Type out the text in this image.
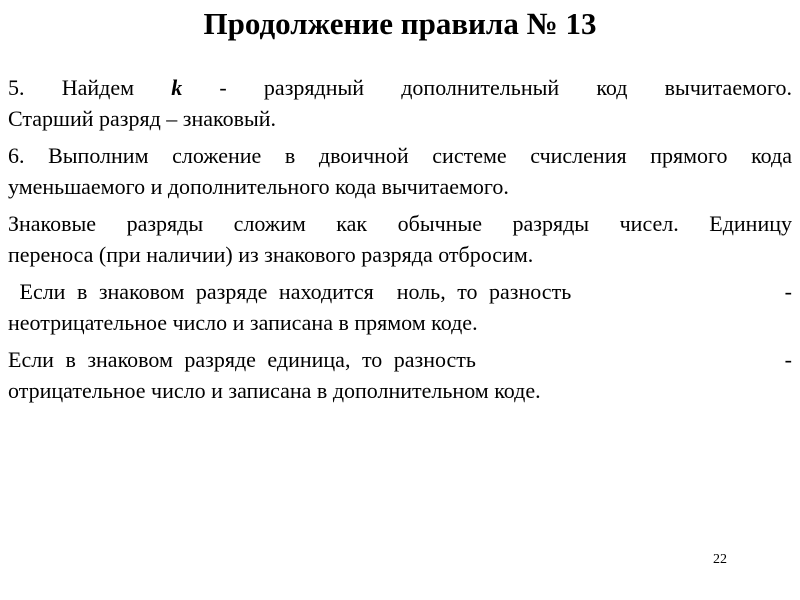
Продолжение правила № 13
5. Найдем k - разрядный дополнительный код вычитаемого.
Старший разряд – знаковый.
6. Выполним сложение в двоичной системе счисления прямого кода
уменьшаемого и дополнительного кода вычитаемого.
Знаковые разряды сложим как обычные разряды чисел. Единицу
переноса (при наличии) из знакового разряда отбросим.
Если в знаковом разряде находится  ноль, то разность	-
неотрицательное число и записана в прямом коде.
Если в знаковом разряде единица, то разность	-
отрицательное число и записана в дополнительном коде.
22
